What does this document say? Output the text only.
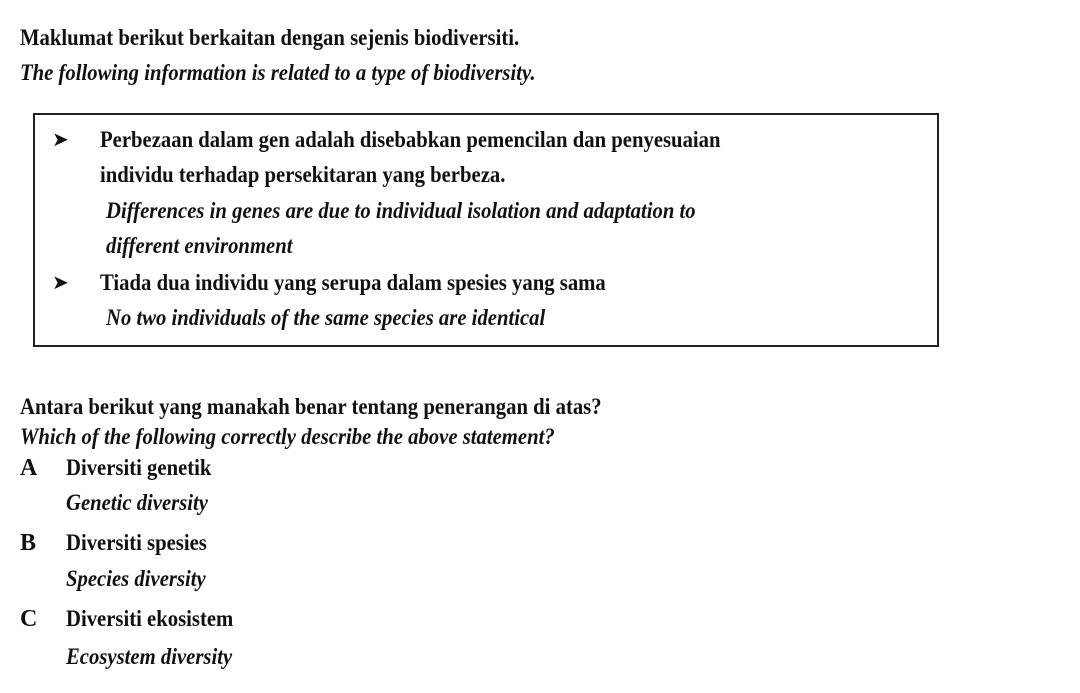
Maklumat berikut berkaitan dengan sejenis biodiversiti.
The following information is related to a type of biodiversity.
➤ Perbezaan dalam gen adalah disebabkan pemencilan dan penyesuaian
individu terhadap persekitaran yang berbeza.
Differences in genes are due to individual isolation and adaptation to
different environment
➤ Tiada dua individu yang serupa dalam spesies yang sama
No two individuals of the same species are identical
Antara berikut yang manakah benar tentang penerangan di atas?
Which of the following correctly describe the above statement?
A Diversiti genetik
Genetic diversity
B Diversiti spesies
Species diversity
C Diversiti ekosistem
Ecosystem diversity
